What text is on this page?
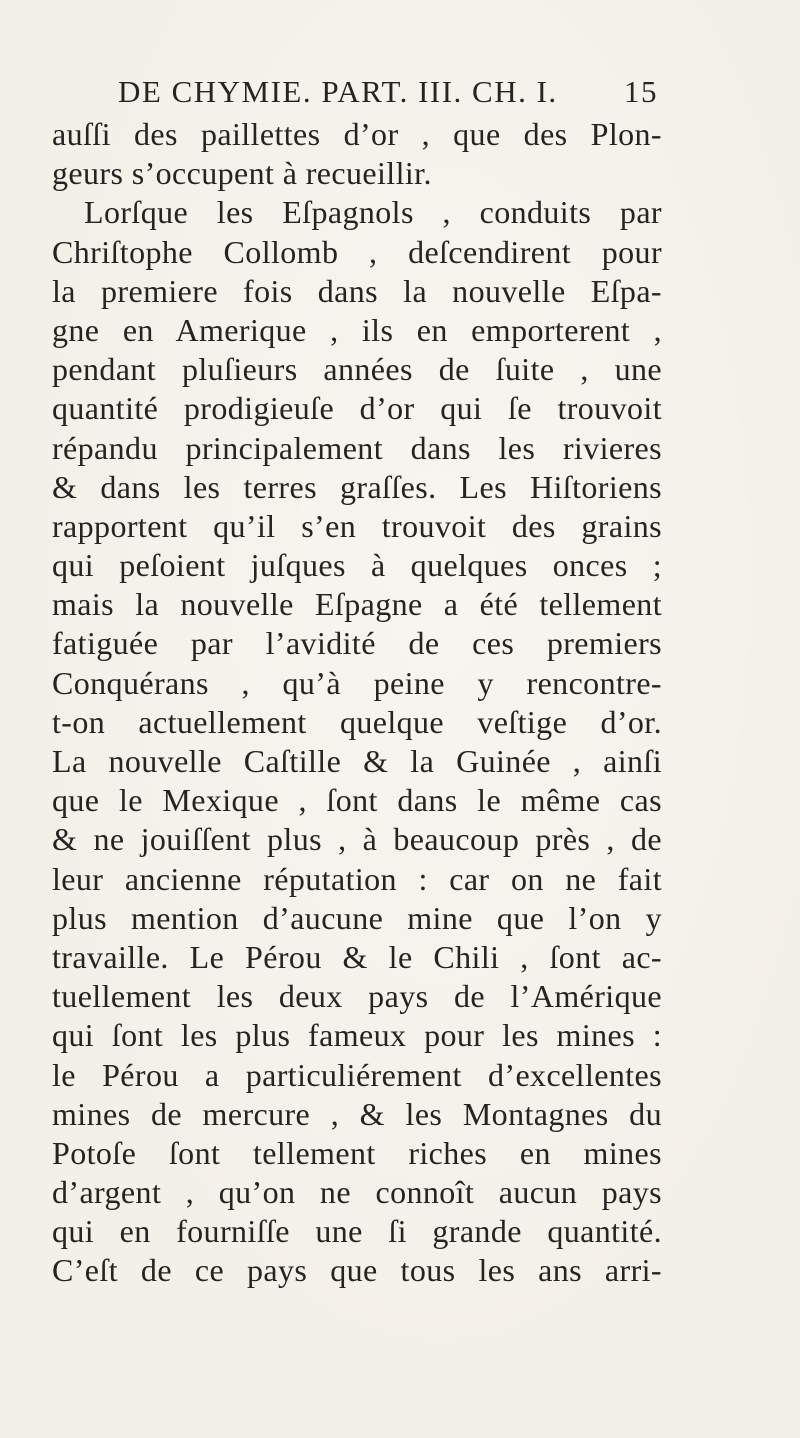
DE CHYMIE. PART. III. CH. I. 15
auſſi des paillettes d’or , que des Plon-
geurs s’occupent à recueillir.
Lorſque les Eſpagnols , conduits par
Chriſtophe Collomb , deſcendirent pour
la premiere fois dans la nouvelle Eſpa-
gne en Amerique , ils en emporterent ,
pendant pluſieurs années de ſuite , une
quantité prodigieuſe d’or qui ſe trouvoit
répandu principalement dans les rivieres
& dans les terres graſſes. Les Hiſtoriens
rapportent qu’il s’en trouvoit des grains
qui peſoient juſques à quelques onces ;
mais la nouvelle Eſpagne a été tellement
fatiguée par l’avidité de ces premiers
Conquérans , qu’à peine y rencontre-
t-on actuellement quelque veſtige d’or.
La nouvelle Caſtille & la Guinée , ainſi
que le Mexique , ſont dans le même cas
& ne jouiſſent plus , à beaucoup près , de
leur ancienne réputation : car on ne fait
plus mention d’aucune mine que l’on y
travaille. Le Pérou & le Chili , ſont ac-
tuellement les deux pays de l’Amérique
qui ſont les plus fameux pour les mines :
le Pérou a particuliérement d’excellentes
mines de mercure , & les Montagnes du
Potoſe ſont tellement riches en mines
d’argent , qu’on ne connoît aucun pays
qui en fourniſſe une ſi grande quantité.
C’eſt de ce pays que tous les ans arri-
